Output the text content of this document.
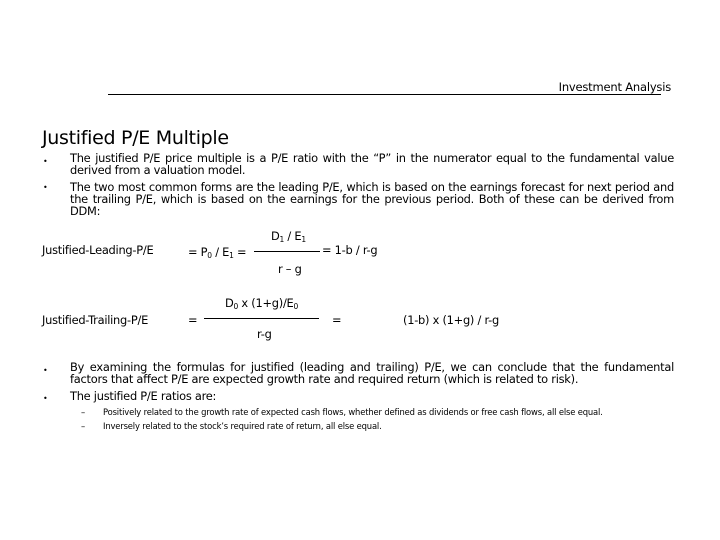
Investment Analysis
Justified P/E Multiple
• The justified P/E price multiple is a P/E ratio with the “P” in the numerator equal to the fundamental value derived from a valuation model.
• The two most common forms are the leading P/E, which is based on the earnings forecast for next period and the trailing P/E, which is based on the earnings for the previous period. Both of these can be derived from DDM:
Justified-Leading-P/E	= $P_0 / E_1$ =
$D_1 / E_1$
= 1-b / r-g
r – g
Justified-Trailing-P/E	=
$D_0$ x $(1+g)/E_0$
=	(1-b) x (1+g) / r-g
r-g
• By examining the formulas for justified (leading and trailing) P/E, we can conclude that the fundamental factors that affect P/E are expected growth rate and required return (which is related to risk).
• The justified P/E ratios are:
– Positively related to the growth rate of expected cash flows, whether defined as dividends or free cash flows, all else equal.
– Inversely related to the stock’s required rate of return, all else equal.
